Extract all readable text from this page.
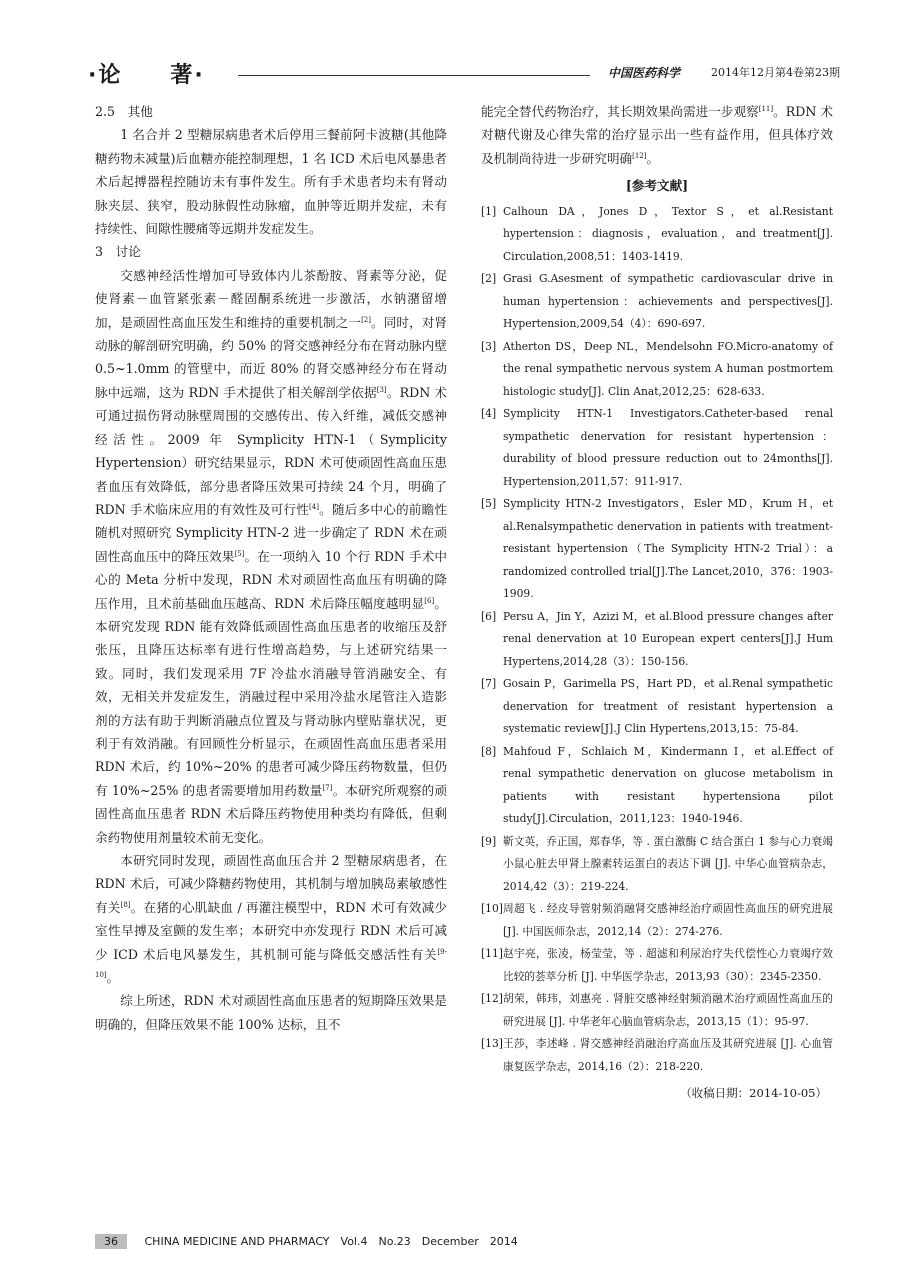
·论　　著·	中国医药科学	2014年12月第4卷第23期

2.5　其他

1 名合并 2 型糖尿病患者术后停用三餐前阿卡波糖(其他降糖药物未减量)后血糖亦能控制理想，1 名 ICD 术后电风暴患者术后起搏器程控随访未有事件发生。所有手术患者均未有肾动脉夹层、狭窄，股动脉假性动脉瘤，血肿等近期并发症，未有持续性、间隙性腰痛等远期并发症发生。

3　讨论

交感神经活性增加可导致体内儿茶酚胺、肾素等分泌，促使肾素－血管紧张素－醛固酮系统进一步激活，水钠潴留增加，是顽固性高血压发生和维持的重要机制之一[2]。同时，对肾动脉的解剖研究明确，约 50% 的肾交感神经分布在肾动脉内壁 0.5~1.0mm 的管壁中，而近 80% 的肾交感神经分布在肾动脉中远端，这为 RDN 手术提供了相关解剖学依据[3]。RDN 术可通过损伤肾动脉壁周围的交感传出、传入纤维，减低交感神经活性。2009 年 Symplicity HTN-1（Symplicity Hypertension）研究结果显示，RDN 术可使顽固性高血压患者血压有效降低，部分患者降压效果可持续 24 个月，明确了 RDN 手术临床应用的有效性及可行性[4]。随后多中心的前瞻性随机对照研究 Symplicity HTN-2 进一步确定了 RDN 术在顽固性高血压中的降压效果[5]。在一项纳入 10 个行 RDN 手术中心的 Meta 分析中发现，RDN 术对顽固性高血压有明确的降压作用，且术前基础血压越高、RDN 术后降压幅度越明显[6]。本研究发现 RDN 能有效降低顽固性高血压患者的收缩压及舒张压，且降压达标率有进行性增高趋势，与上述研究结果一致。同时，我们发现采用 7F 冷盐水消融导管消融安全、有效，无相关并发症发生，消融过程中采用冷盐水尾管注入造影剂的方法有助于判断消融点位置及与肾动脉内壁贴靠状况，更利于有效消融。有回顾性分析显示，在顽固性高血压患者采用 RDN 术后，约 10%~20% 的患者可减少降压药物数量，但仍有 10%~25% 的患者需要增加用药数量[7]。本研究所观察的顽固性高血压患者 RDN 术后降压药物使用种类均有降低，但剩余药物使用剂量较术前无变化。

本研究同时发现，顽固性高血压合并 2 型糖尿病患者，在 RDN 术后，可减少降糖药物使用，其机制与增加胰岛素敏感性有关[8]。在猪的心肌缺血 / 再灌注模型中，RDN 术可有效减少室性早搏及室颤的发生率；本研究中亦发现行 RDN 术后可减少 ICD 术后电风暴发生，其机制可能与降低交感活性有关[9-10]。

综上所述，RDN 术对顽固性高血压患者的短期降压效果是明确的，但降压效果不能 100% 达标，且不

能完全替代药物治疗，其长期效果尚需进一步观察[11]。RDN 术对糖代谢及心律失常的治疗显示出一些有益作用，但具体疗效及机制尚待进一步研究明确[12]。

[参考文献]
[1] Calhoun DA，Jones D，Textor S，et al.Resistant hypertension：diagnosis，evaluation，and treatment[J]. Circulation,2008,51：1403-1419.
[2] Grasi G.Asesment of sympathetic cardiovascular drive in human hypertension：achievements and perspectives[J]. Hypertension,2009,54（4）：690-697.
[3] Atherton DS，Deep NL，Mendelsohn FO.Micro-anatomy of the renal sympathetic nervous system A human postmortem histologic study[J]. Clin Anat,2012,25：628-633.
[4] Symplicity HTN-1 Investigators.Catheter-based renal sympathetic denervation for resistant hypertension：durability of blood pressure reduction out to 24months[J]. Hypertension,2011,57：911-917.
[5] Symplicity HTN-2 Investigators，Esler MD，Krum H，et al.Renalsympathetic denervation in patients with treatment-resistant hypertension（The Symplicity HTN-2 Trial）：a randomized controlled trial[J].The Lancet,2010，376：1903-1909.
[6] Persu A，Jin Y，Azizi M，et al.Blood pressure changes after renal denervation at 10 European expert centers[J].J Hum Hypertens,2014,28（3）：150-156.
[7] Gosain P，Garimella PS，Hart PD，et al.Renal sympathetic denervation for treatment of resistant hypertension a systematic review[J].J Clin Hypertens,2013,15：75-84.
[8] Mahfoud F，Schlaich M，Kindermann I，et al.Effect of renal sympathetic denervation on glucose metabolism in patients with resistant hypertensiona pilot study[J].Circulation，2011,123：1940-1946.
[9] 靳文英，乔正国，郑春华，等 . 蛋白激酶 C 结合蛋白 1 参与心力衰竭小鼠心脏去甲肾上腺素转运蛋白的表达下调 [J]. 中华心血管病杂志，2014,42（3）：219-224.
[10] 周超飞 . 经皮导管射频消融肾交感神经治疗顽固性高血压的研究进展 [J]. 中国医师杂志，2012,14（2）：274-276.
[11] 赵宇亮，张凌，杨莹莹，等 . 超滤和利尿治疗失代偿性心力衰竭疗效比较的荟萃分析 [J]. 中华医学杂志，2013,93（30）：2345-2350.
[12] 胡荣，韩玮，刘惠亮 . 肾脏交感神经射频消融术治疗顽固性高血压的研究进展 [J]. 中华老年心脑血管病杂志，2013,15（1）：95-97.
[13] 王莎，李述峰 . 肾交感神经消融治疗高血压及其研究进展 [J]. 心血管康复医学杂志，2014,16（2）：218-220.
（收稿日期：2014-10-05）
36 CHINA MEDICINE AND PHARMACY　Vol.4　No.23　December　2014
